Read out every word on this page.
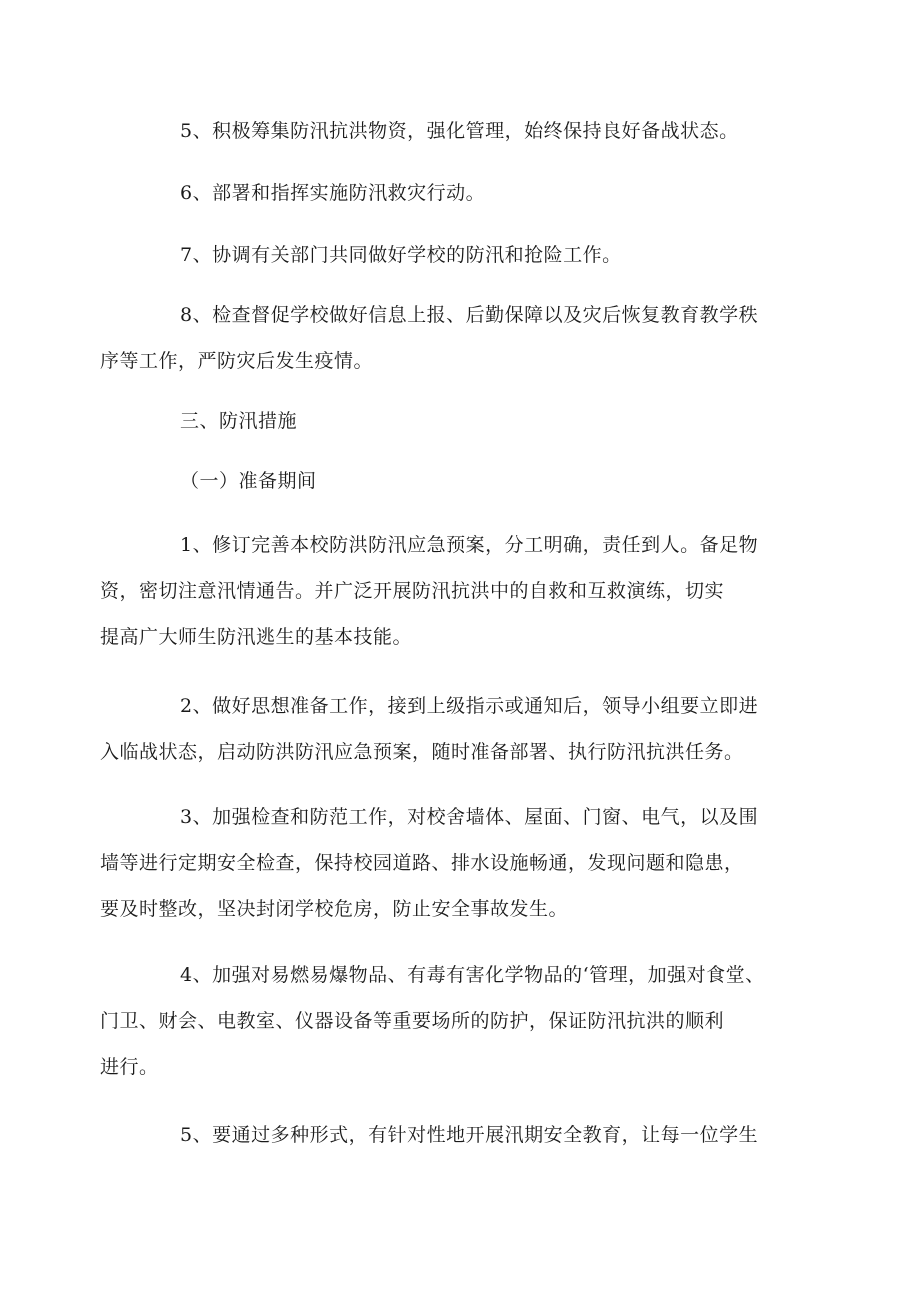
5、积极筹集防汛抗洪物资，强化管理，始终保持良好备战状态。

6、部署和指挥实施防汛救灾行动。

7、协调有关部门共同做好学校的防汛和抢险工作。

8、检查督促学校做好信息上报、后勤保障以及灾后恢复教育教学秩
序等工作，严防灾后发生疫情。

三、防汛措施

（一）准备期间

1、修订完善本校防洪防汛应急预案，分工明确，责任到人。备足物
资，密切注意汛情通告。并广泛开展防汛抗洪中的自救和互救演练，切实
提高广大师生防汛逃生的基本技能。

2、做好思想准备工作，接到上级指示或通知后，领导小组要立即进
入临战状态，启动防洪防汛应急预案，随时准备部署、执行防汛抗洪任务。

3、加强检查和防范工作，对校舍墙体、屋面、门窗、电气，以及围
墙等进行定期安全检查，保持校园道路、排水设施畅通，发现问题和隐患，
要及时整改，坚决封闭学校危房，防止安全事故发生。

4、加强对易燃易爆物品、有毒有害化学物品的‘管理，加强对食堂、
门卫、财会、电教室、仪器设备等重要场所的防护，保证防汛抗洪的顺利
进行。

5、要通过多种形式，有针对性地开展汛期安全教育，让每一位学生
